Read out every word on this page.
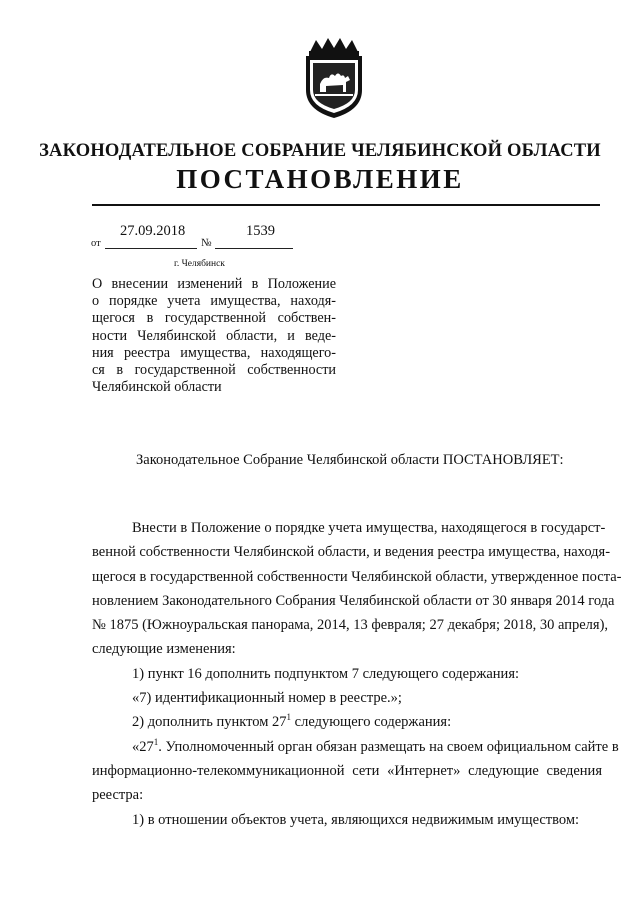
ЗАКОНОДАТЕЛЬНОЕ СОБРАНИЕ ЧЕЛЯБИНСКОЙ ОБЛАСТИ
ПОСТАНОВЛЕНИЕ
27.09.2018	1539
от	№
г. Челябинск

О внесении изменений в Положение
о порядке учета имущества, находя-
щегося в государственной собствен-
ности Челябинской области, и веде-
ния реестра имущества, находящего-
ся в государственной собственности
Челябинской области

Законодательное Собрание Челябинской области ПОСТАНОВЛЯЕТ:
Внести в Положение о порядке учета имущества, находящегося в государст-
венной собственности Челябинской области, и ведения реестра имущества, находя-
щегося в государственной собственности Челябинской области, утвержденное поста-
новлением Законодательного Собрания Челябинской области от 30 января 2014 года
№ 1875 (Южноуральская панорама, 2014, 13 февраля; 27 декабря; 2018, 30 апреля),
следующие изменения:
1) пункт 16 дополнить подпунктом 7 следующего содержания:
«7) идентификационный номер в реестре.»;
2) дополнить пунктом $27^1$ следующего содержания:
«$27^1$. Уполномоченный орган обязан размещать на своем официальном сайте в
информационно-телекоммуникационной сети «Интернет» следующие сведения
реестра:
1) в отношении объектов учета, являющихся недвижимым имуществом:
